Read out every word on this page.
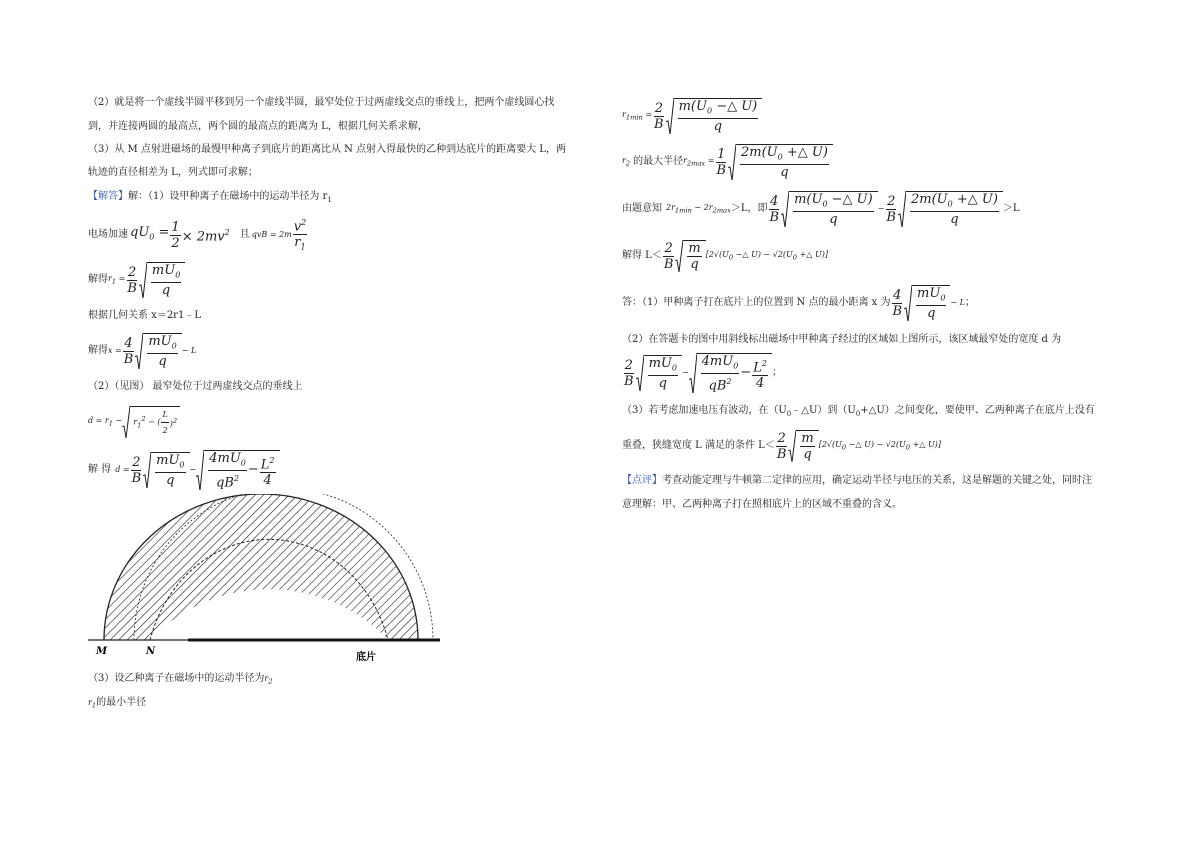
（2）就是将一个虚线半圆平移到另一个虚线半圆，最窄处位于过两虚线交点的垂线上，把两个虚线圆心找
到，并连接两圆的最高点，两个圆的最高点的距离为 L，根据几何关系求解，
（3）从 M 点射进磁场的最慢甲种离子到底片的距离比从 N 点射入得最快的乙种到达底片的距离要大 L，两
轨迹的直径相差为 L，列式即可求解；
【解答】解：（1）设甲种离子在磁场中的运动半径为 $r_1$
电场加速 $qU_0 = \frac{1}{2} \times 2mv^2$ 且 qvB = $2m \frac{v^2}{r_1}$
解得 $r_1 = \frac{2}{B} \frac{mU_0}{q}$
根据几何关系 x＝2r1﹣L
解得 $x = \frac{4}{B} \frac{mU_0}{q} - L$
（2）（见图） 最窄处位于过两虚线交点的垂线上
$d = r_1 - r_1^2$ − ( $\frac{L}{2} )^2$
解 得 $d = \frac{2}{B} \frac{mU_0}{q} - \frac{4mU_0}{qB^2} - \frac{L^2}{4}$
M	N
底片
（3）设乙种离子在磁场中的运动半径为$r_2$
$r_1$的最小半径
$r_{1min} = \frac{2}{B} \frac{m(U_0 -\triangle U)}{q}$
$r_2$ 的最大半径 $r_{2max} = \frac{1}{B} \frac{2m(U_0 +\triangle U)}{q}$
由题意知 $2r_{1min} - 2r_{2max} >L$，即 $\frac{4}{B} \frac{m(U_0 -\triangle U)}{q} - \frac{2}{B} \frac{2m(U_0 +\triangle U)}{q} >L$
解得 $L< \frac{2}{B} \frac{m}{q} [2√(U_0$ −△ $U) - √2(U_0$ +△ U)]
答：（1）甲种离子打在底片上的位置到 N 点的最小距离 x 为 $\frac{4}{B} \frac{mU_0}{q} - L$ ；
（2）在答题卡的图中用斜线标出磁场中甲种离子经过的区域如上图所示，该区域最窄处的宽度 d 为
$\frac{2}{B} \frac{mU_0}{q} - \frac{4mU_0}{qB^2} - \frac{L^2}{4}$ ；
（3）若考虑加速电压有波动，在$(U_0﹣\triangle U)$到$(U_0+\triangle U)$之间变化，要使甲、乙两种离子在底片上没有
重叠，狭缝宽度 L 满足的条件 $L< \frac{2}{B} \frac{m}{q} [2√(U_0$ −△ $U) - √2(U_0$ +△ U)]
【点评】考查动能定理与牛顿第二定律的应用，确定运动半径与电压的关系，这是解题的关键之处，同时注
意理解：甲、乙两种离子打在照相底片上的区域不重叠的含义。
